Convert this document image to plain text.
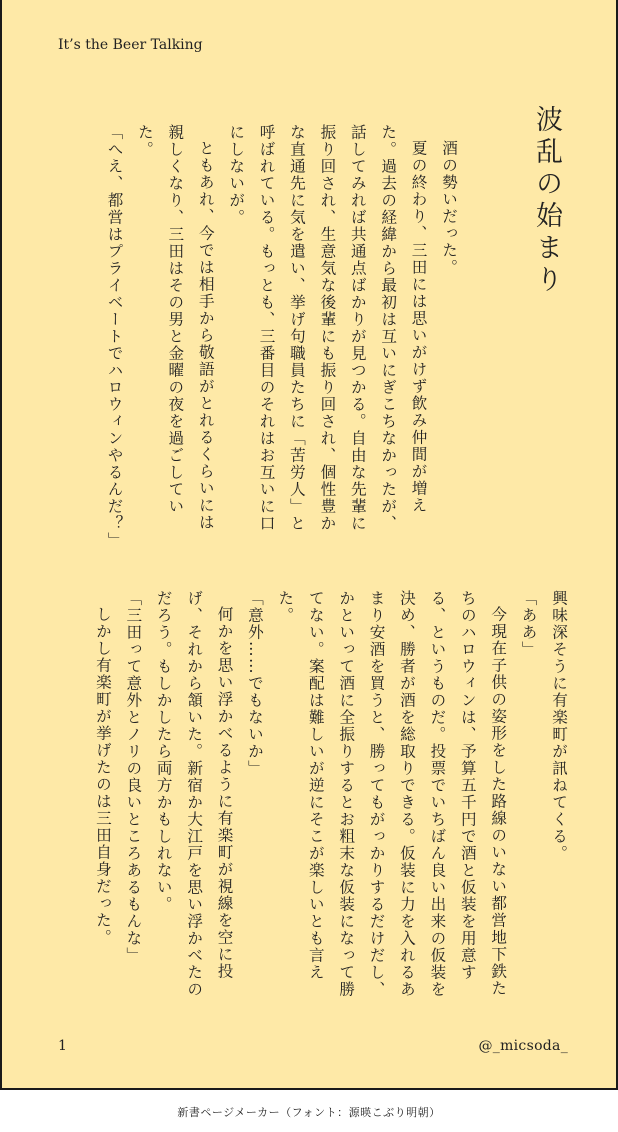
It’s the Beer Talking
波乱の始まり

酒の勢いだった。

夏の終わり、三田には思いがけず飲み仲間が増えた。過去の経緯から最初は互いにぎこちなかったが、話してみれば共通点ばかりが見つかる。自由な先輩に振り回され、生意気な後輩にも振り回され、個性豊かな直通先に気を遣い、挙げ句職員たちに「苦労人」と呼ばれている。もっとも、三番目のそれはお互いに口にしないが。

ともあれ、今では相手から敬語がとれるくらいには親しくなり、三田はその男と金曜の夜を過ごしていた。

「へえ、都営はプライベートでハロウィンやるんだ？」

興味深そうに有楽町が訊ねてくる。

「ああ」

今現在子供の姿形をした路線のいない都営地下鉄たちのハロウィンは、予算五千円で酒と仮装を用意する、というものだ。投票でいちばん良い出来の仮装を決め、勝者が酒を総取りできる。仮装に力を入れるあまり安酒を買うと、勝ってもがっかりするだけだし、かといって酒に全振りするとお粗末な仮装になって勝てない。案配は難しいが逆にそこが楽しいとも言えた。

「意外……でもないか」

何かを思い浮かべるように有楽町が視線を空に投げ、それから頷いた。新宿か大江戸を思い浮かべたのだろう。もしかしたら両方かもしれない。

「三田って意外とノリの良いところあるもんな」

しかし有楽町が挙げたのは三田自身だった。

1	@_micsoda_
新書ページメーカー（フォント：源暎こぶり明朝）
